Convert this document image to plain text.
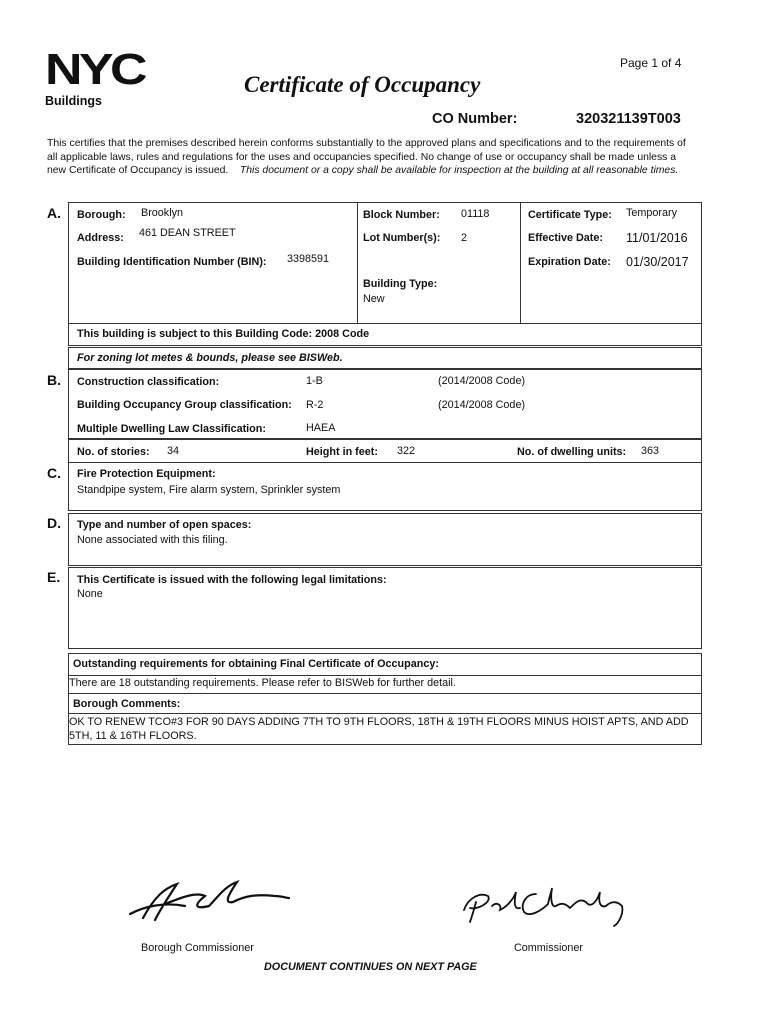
NYC
Buildings
Certificate of Occupancy
Page 1 of 4
CO Number:	320321139T003
This certifies that the premises described herein conforms substantially to the approved plans and specifications and to the requirements of all applicable laws, rules and regulations for the uses and occupancies specified. No change of use or occupancy shall be made unless a new Certificate of Occupancy is issued. This document or a copy shall be available for inspection at the building at all reasonable times.
A. Borough: Brooklyn
Address: 461 DEAN STREET
Building Identification Number (BIN): 3398591
Block Number: 01118
Lot Number(s): 2
Building Type:
New
Certificate Type: Temporary
Effective Date: 11/01/2016
Expiration Date: 01/30/2017
This building is subject to this Building Code: 2008 Code
For zoning lot metes & bounds, please see BISWeb.
B. Construction classification:	1-B	(2014/2008 Code)
Building Occupancy Group classification: R-2	(2014/2008 Code)
Multiple Dwelling Law Classification:	HAEA
No. of stories: 34	Height in feet: 322	No. of dwelling units: 363
C. Fire Protection Equipment:
Standpipe system, Fire alarm system, Sprinkler system
D. Type and number of open spaces:
None associated with this filing.
E. This Certificate is issued with the following legal limitations:
None
Outstanding requirements for obtaining Final Certificate of Occupancy:
There are 18 outstanding requirements. Please refer to BISWeb for further detail.
Borough Comments:
OK TO RENEW TCO#3 FOR 90 DAYS ADDING 7TH TO 9TH FLOORS, 18TH & 19TH FLOORS MINUS HOIST APTS, AND ADD 5TH, 11 & 16TH FLOORS.
Borough Commissioner	Commissioner
DOCUMENT CONTINUES ON NEXT PAGE
